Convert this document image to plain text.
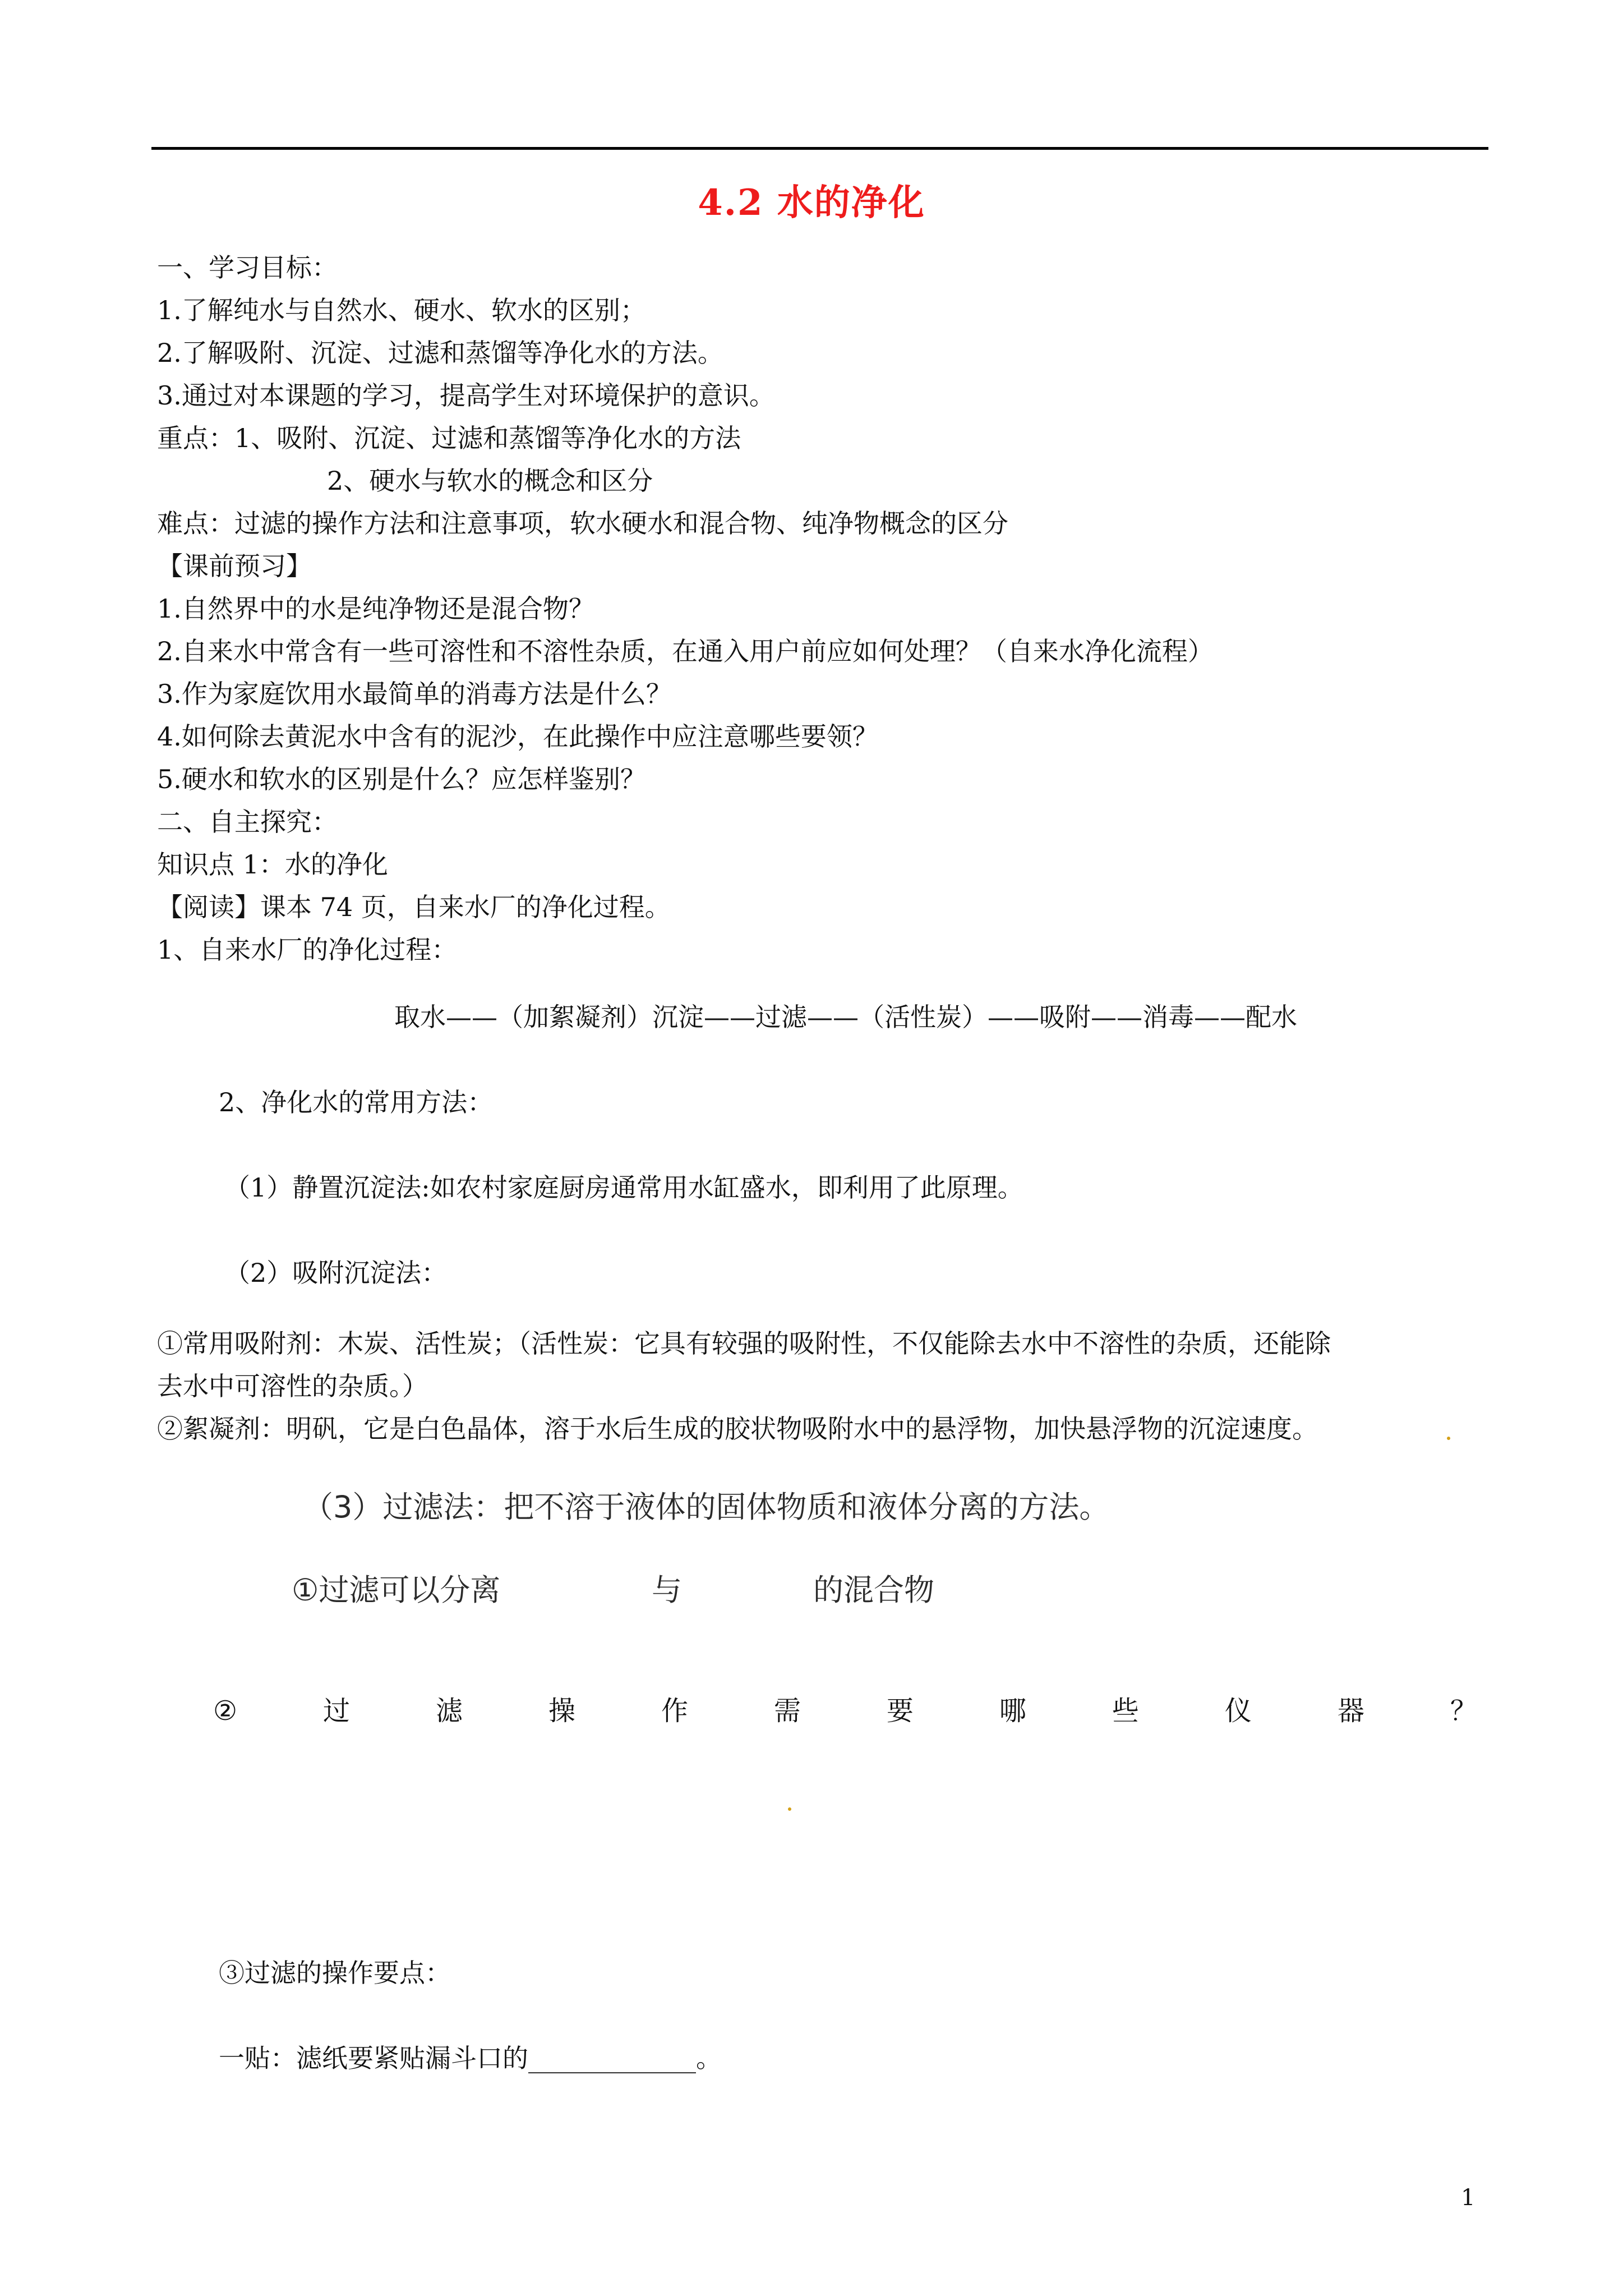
4.2 水的净化
一、学习目标：
1.了解纯水与自然水、硬水、软水的区别；
2.了解吸附、沉淀、过滤和蒸馏等净化水的方法。
3.通过对本课题的学习，提高学生对环境保护的意识。
重点：1、吸附、沉淀、过滤和蒸馏等净化水的方法
2、硬水与软水的概念和区分
难点：过滤的操作方法和注意事项，软水硬水和混合物、纯净物概念的区分
【课前预习】
1.自然界中的水是纯净物还是混合物？
2.自来水中常含有一些可溶性和不溶性杂质，在通入用户前应如何处理？（自来水净化流程）
3.作为家庭饮用水最简单的消毒方法是什么？
4.如何除去黄泥水中含有的泥沙，在此操作中应注意哪些要领？
5.硬水和软水的区别是什么？应怎样鉴别？
二、自主探究：
知识点 1：水的净化
【阅读】课本 74 页，自来水厂的净化过程。
1、自来水厂的净化过程：
取水——（加絮凝剂）沉淀——过滤——（活性炭）——吸附——消毒——配水
2、净化水的常用方法：
（1）静置沉淀法:如农村家庭厨房通常用水缸盛水，即利用了此原理。
（2）吸附沉淀法：
①常用吸附剂：木炭、活性炭；（活性炭：它具有较强的吸附性，不仅能除去水中不溶性的杂质，还能除
去水中可溶性的杂质。）
②絮凝剂：明矾，它是白色晶体，溶于水后生成的胶状物吸附水中的悬浮物，加快悬浮物的沉淀速度。
（3）过滤法：把不溶于液体的固体物质和液体分离的方法。
①过滤可以分离	与	的混合物
②	过	滤	操	作	需	要	哪	些	仪	器	？
③过滤的操作要点：
一贴：滤纸要紧贴漏斗口的_____________。
1
